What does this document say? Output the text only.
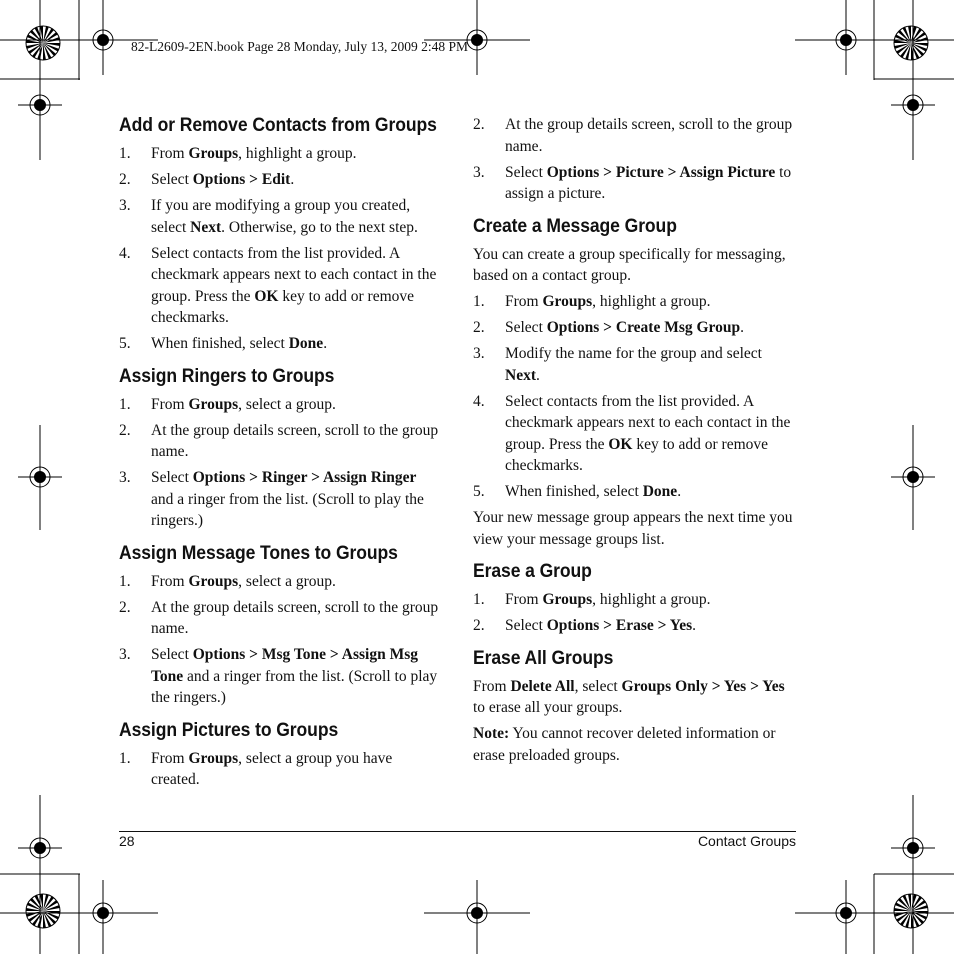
82-L2609-2EN.book Page 28 Monday, July 13, 2009 2:48 PM
Add or Remove Contacts from Groups
1. From Groups, highlight a group.
2. Select Options > Edit.
3. If you are modifying a group you created, select Next. Otherwise, go to the next step.
4. Select contacts from the list provided. A checkmark appears next to each contact in the group. Press the OK key to add or remove checkmarks.
5. When finished, select Done.
Assign Ringers to Groups
1. From Groups, select a group.
2. At the group details screen, scroll to the group name.
3. Select Options > Ringer > Assign Ringer and a ringer from the list. (Scroll to play the ringers.)
Assign Message Tones to Groups
1. From Groups, select a group.
2. At the group details screen, scroll to the group name.
3. Select Options > Msg Tone > Assign Msg Tone and a ringer from the list. (Scroll to play the ringers.)
Assign Pictures to Groups
1. From Groups, select a group you have created.
2. At the group details screen, scroll to the group name.
3. Select Options > Picture > Assign Picture to assign a picture.
Create a Message Group

You can create a group specifically for messaging, based on a contact group.

1. From Groups, highlight a group.
2. Select Options > Create Msg Group.
3. Modify the name for the group and select Next.
4. Select contacts from the list provided. A checkmark appears next to each contact in the group. Press the OK key to add or remove checkmarks.
5. When finished, select Done.

Your new message group appears the next time you view your message groups list.

Erase a Group
1. From Groups, highlight a group.
2. Select Options > Erase > Yes.
Erase All Groups

From Delete All, select Groups Only > Yes > Yes to erase all your groups.

Note: You cannot recover deleted information or erase preloaded groups.

28	Contact Groups
